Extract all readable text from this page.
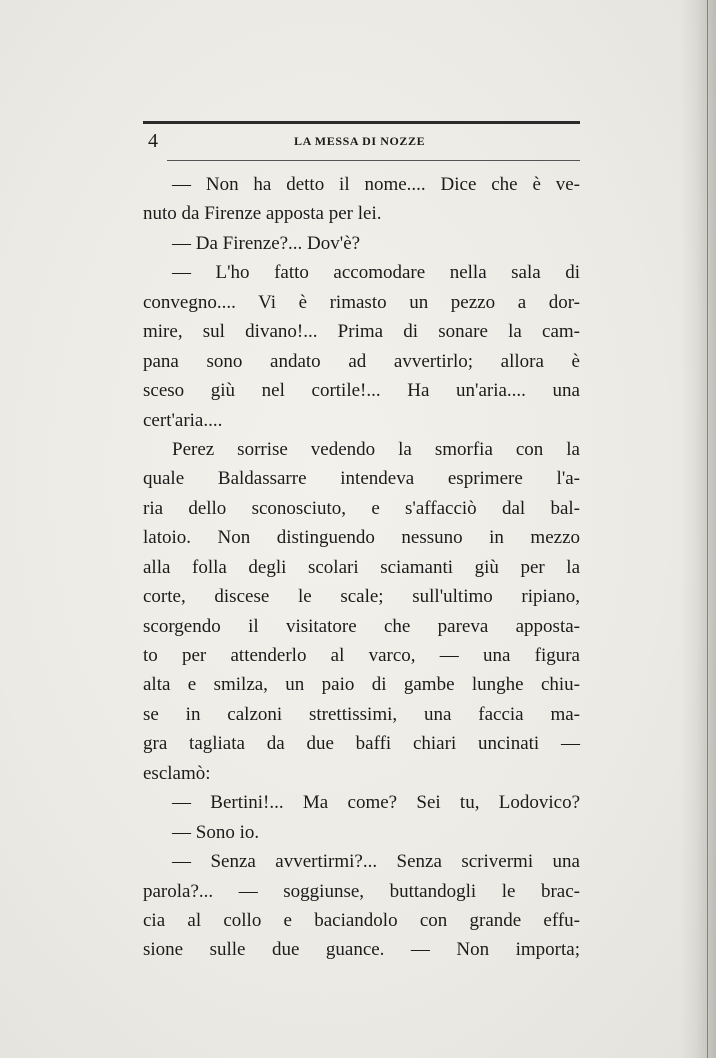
4	LA MESSA DI NOZZE
— Non ha detto il nome.... Dice che è ve-
nuto da Firenze apposta per lei.
— Da Firenze?... Dov'è?
— L'ho fatto accomodare nella sala di
convegno.... Vi è rimasto un pezzo a dor-
mire, sul divano!... Prima di sonare la cam-
pana sono andato ad avvertirlo; allora è
sceso giù nel cortile!... Ha un'aria.... una
cert'aria....
Perez sorrise vedendo la smorfia con la
quale Baldassarre intendeva esprimere l'a-
ria dello sconosciuto, e s'affacciò dal bal-
latoio. Non distinguendo nessuno in mezzo
alla folla degli scolari sciamanti giù per la
corte, discese le scale; sull'ultimo ripiano,
scorgendo il visitatore che pareva apposta-
to per attenderlo al varco, — una figura
alta e smilza, un paio di gambe lunghe chiu-
se in calzoni strettissimi, una faccia ma-
gra tagliata da due baffi chiari uncinati —
esclamò:
— Bertini!... Ma come? Sei tu, Lodovico?
— Sono io.
— Senza avvertirmi?... Senza scrivermi una
parola?... — soggiunse, buttandogli le brac-
cia al collo e baciandolo con grande effu-
sione sulle due guance. — Non importa;
